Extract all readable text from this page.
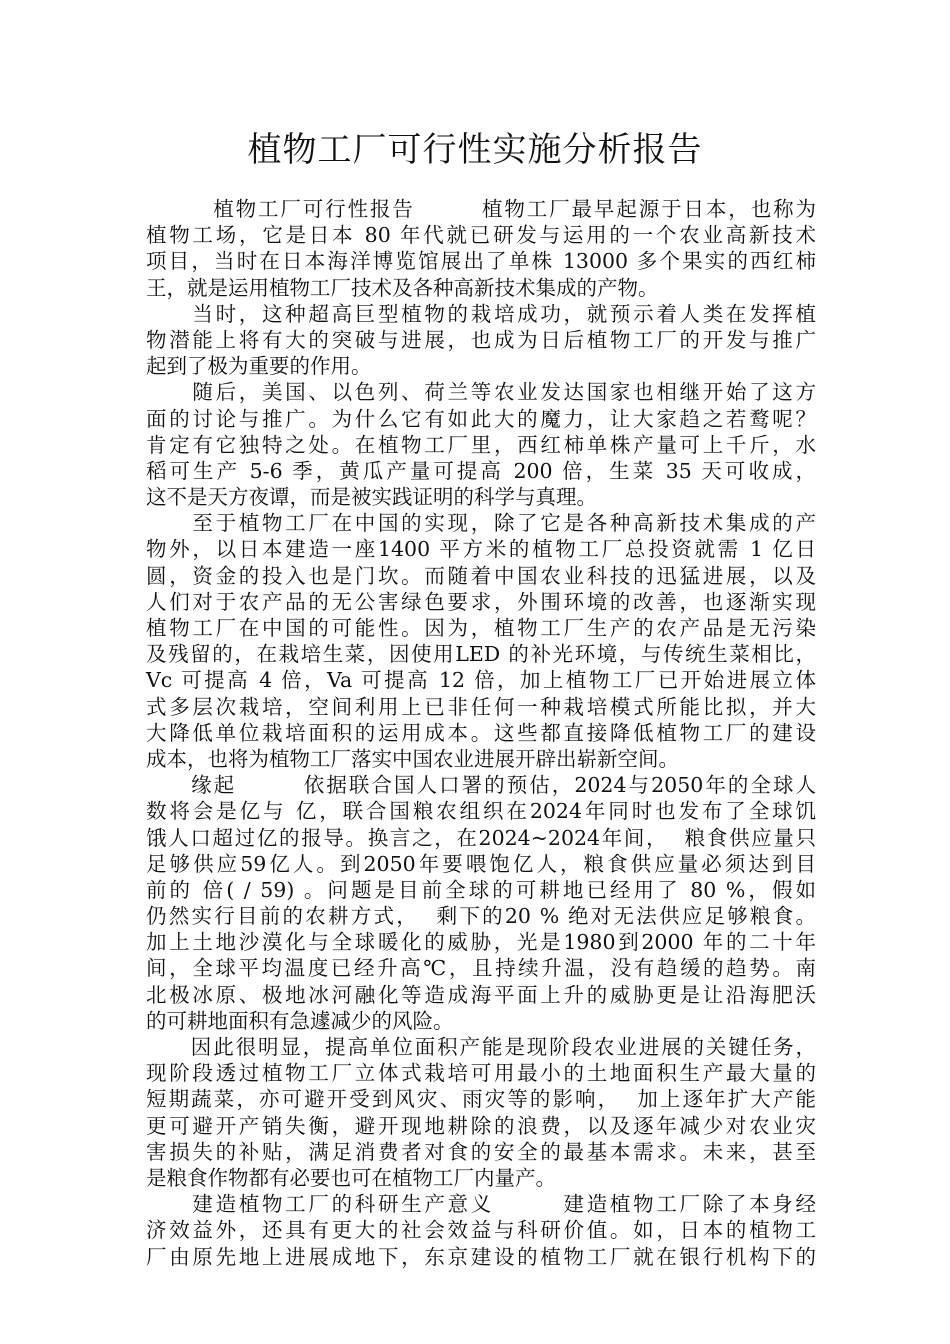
植物工厂可行性实施分析报告
　　　植物工厂可行性报告　　　植物工厂最早起源于日本，也称为
植物工场，它是日本 80 年代就已研发与运用的一个农业高新技术
项目，当时在日本海洋博览馆展出了单株 13000 多个果实的西红柿
王，就是运用植物工厂技术及各种高新技术集成的产物。
　　当时，这种超高巨型植物的栽培成功，就预示着人类在发挥植
物潜能上将有大的突破与进展，也成为日后植物工厂的开发与推广
起到了极为重要的作用。
　　随后，美国、以色列、荷兰等农业发达国家也相继开始了这方
面的讨论与推广。为什么它有如此大的魔力，让大家趋之若鹜呢？
肯定有它独特之处。在植物工厂里，西红柿单株产量可上千斤，水
稻可生产 5-6 季，黄瓜产量可提高 200 倍，生菜 35 天可收成，
这不是天方夜谭，而是被实践证明的科学与真理。
　　至于植物工厂在中国的实现，除了它是各种高新技术集成的产
物外，以日本建造一座1400 平方米的植物工厂总投资就需 1 亿日
圆，资金的投入也是门坎。而随着中国农业科技的迅猛进展，以及
人们对于农产品的无公害绿色要求，外围环境的改善，也逐渐实现
植物工厂在中国的可能性。因为，植物工厂生产的农产品是无污染
及残留的，在栽培生菜，因使用LED 的补光环境，与传统生菜相比，
Vc 可提高 4 倍，Va 可提高 12 倍，加上植物工厂已开始进展立体
式多层次栽培，空间利用上已非任何一种栽培模式所能比拟，并大
大降低单位栽培面积的运用成本。这些都直接降低植物工厂的建设
成本，也将为植物工厂落实中国农业进展开辟出崭新空间。
　　缘起　　　依据联合国人口署的预估，2024与2050年的全球人
数将会是亿与 亿，联合国粮农组织在2024年同时也发布了全球饥
饿人口超过亿的报导。换言之，在2024~2024年间，  粮食供应量只
足够供应59亿人。到2050年要喂饱亿人，粮食供应量必须达到目
前的 倍( / 59) 。问题是目前全球的可耕地已经用了 80 %，假如
仍然实行目前的农耕方式，  剩下的20 % 绝对无法供应足够粮食。
加上土地沙漠化与全球暖化的威胁，光是1980到2000 年的二十年
间，全球平均温度已经升高℃，且持续升温，没有趋缓的趋势。南
北极冰原、极地冰河融化等造成海平面上升的威胁更是让沿海肥沃
的可耕地面积有急遽减少的风险。
　　因此很明显，提高单位面积产能是现阶段农业进展的关键任务，
现阶段透过植物工厂立体式栽培可用最小的土地面积生产最大量的
短期蔬菜，亦可避开受到风灾、雨灾等的影响，  加上逐年扩大产能
更可避开产销失衡，避开现地耕除的浪费，以及逐年减少对农业灾
害损失的补贴，满足消费者对食的安全的最基本需求。未来，甚至
是粮食作物都有必要也可在植物工厂内量产。
　　建造植物工厂的科研生产意义　　　建造植物工厂除了本身经
济效益外，还具有更大的社会效益与科研价值。如，日本的植物工
厂由原先地上进展成地下，东京建设的植物工厂就在银行机构下的
